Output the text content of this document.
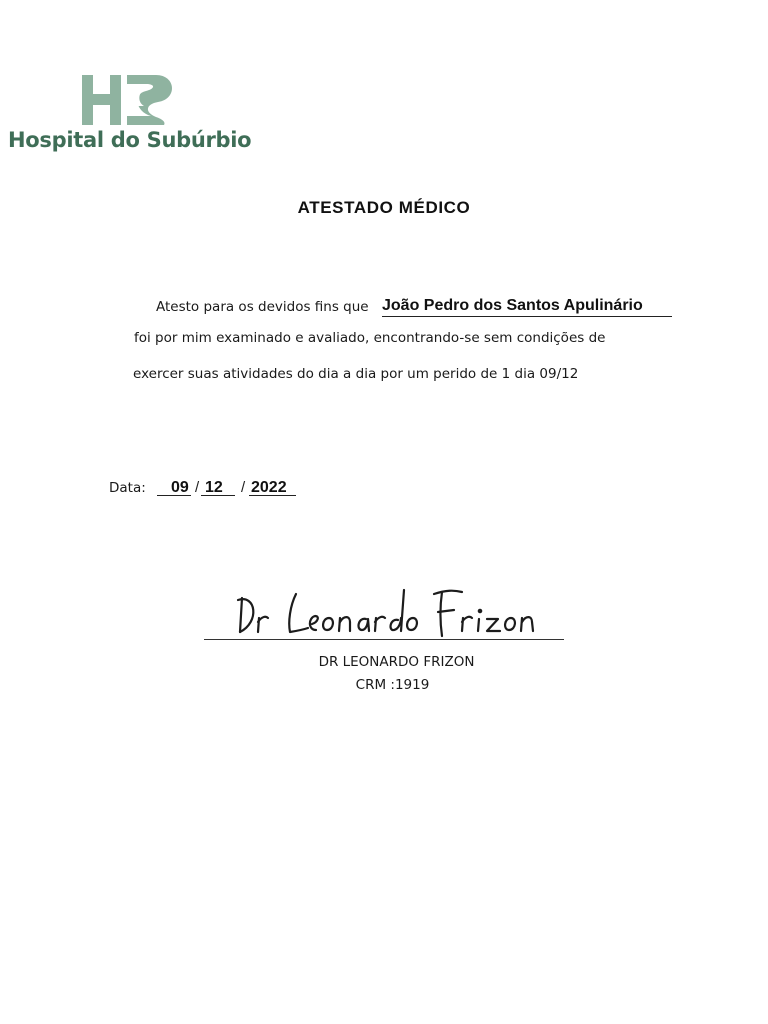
Hospital do Subúrbio
ATESTADO MÉDICO
Atesto para os devidos fins que João Pedro dos Santos Apulinário
foi por mim examinado e avaliado, encontrando-se sem condições de
exercer suas atividades do dia a dia por um perido de 1 dia 09/12
Data: 09 / 12 / 2022
DR LEONARDO FRIZON
CRM :1919
